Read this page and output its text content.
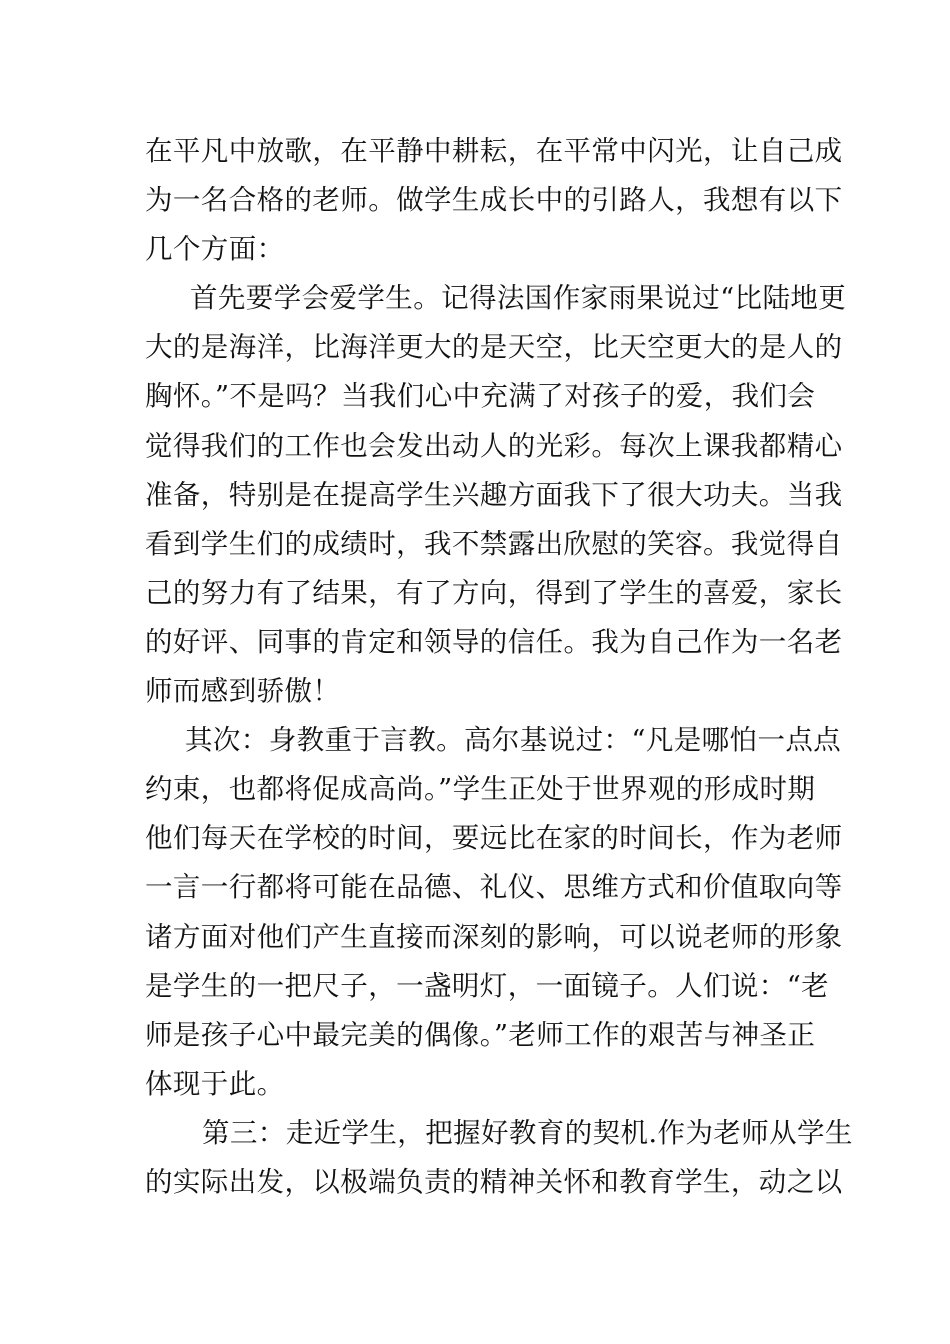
在平凡中放歌，在平静中耕耘，在平常中闪光，让自己成
为一名合格的老师。做学生成长中的引路人，我想有以下
几个方面：
首先要学会爱学生。记得法国作家雨果说过“比陆地更
大的是海洋，比海洋更大的是天空，比天空更大的是人的
胸怀。”不是吗？当我们心中充满了对孩子的爱，我们会
觉得我们的工作也会发出动人的光彩。每次上课我都精心
准备，特别是在提高学生兴趣方面我下了很大功夫。当我
看到学生们的成绩时，我不禁露出欣慰的笑容。我觉得自
己的努力有了结果，有了方向，得到了学生的喜爱，家长
的好评、同事的肯定和领导的信任。我为自己作为一名老
师而感到骄傲！
其次：身教重于言教。高尔基说过：“凡是哪怕一点点
约束，也都将促成高尚。”学生正处于世界观的形成时期
他们每天在学校的时间，要远比在家的时间长，作为老师
一言一行都将可能在品德、礼仪、思维方式和价值取向等
诸方面对他们产生直接而深刻的影响，可以说老师的形象
是学生的一把尺子，一盏明灯，一面镜子。人们说：“老
师是孩子心中最完美的偶像。”老师工作的艰苦与神圣正
体现于此。
第三：走近学生，把握好教育的契机.作为老师从学生
的实际出发，以极端负责的精神关怀和教育学生，动之以
